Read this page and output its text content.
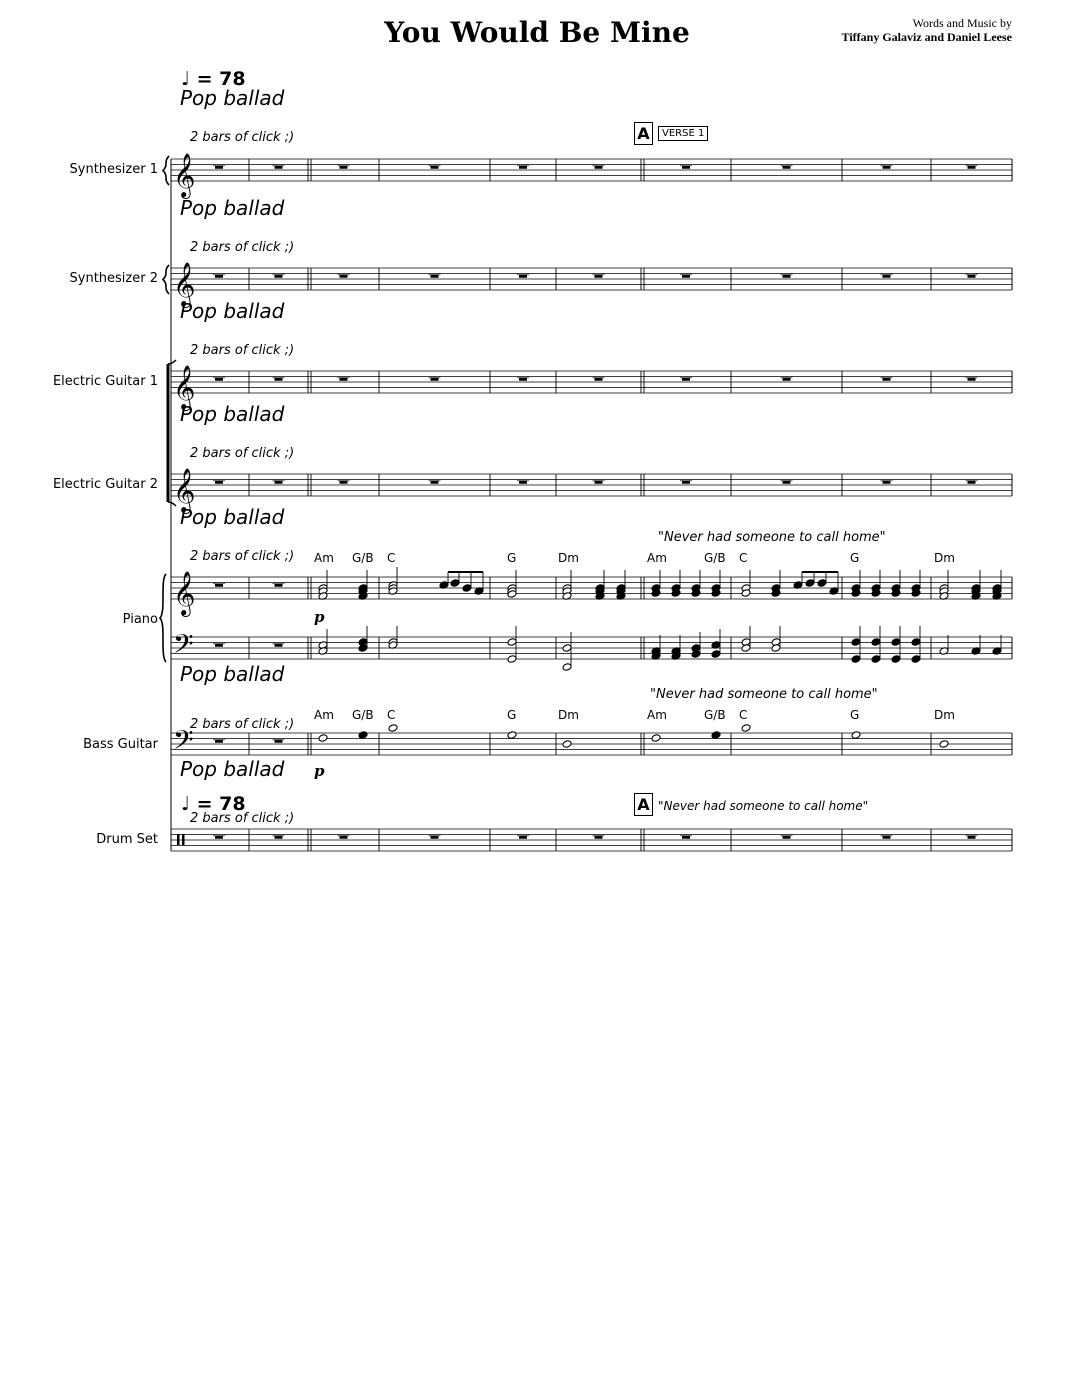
𝄞
𝄞
𝄞
𝄞
𝄞
𝄢
𝄢
You Would Be Mine	Words and Music by
Tiffany Galaviz and Daniel Leese
♩ = 78
Pop ballad
2 bars of click ;)	A	VERSE 1
Synthesizer 1
Pop ballad
2 bars of click ;)
Synthesizer 2
Pop ballad
2 bars of click ;)
Electric Guitar 1
Pop ballad
2 bars of click ;)
Electric Guitar 2
Pop ballad
"Never had someone to call home"
2 bars of click ;) Am G/B C	G	Dm	Am	G/B C	G	Dm
p
Piano
Pop ballad
"Never had someone to call home"
Am G/B C	G	Dm	Am	G/B C	G	Dm
2 bars of click ;)
Bass Guitar
Pop ballad p
♩ = 78	A "Never had someone to call home"
2 bars of click ;)
Drum Set
